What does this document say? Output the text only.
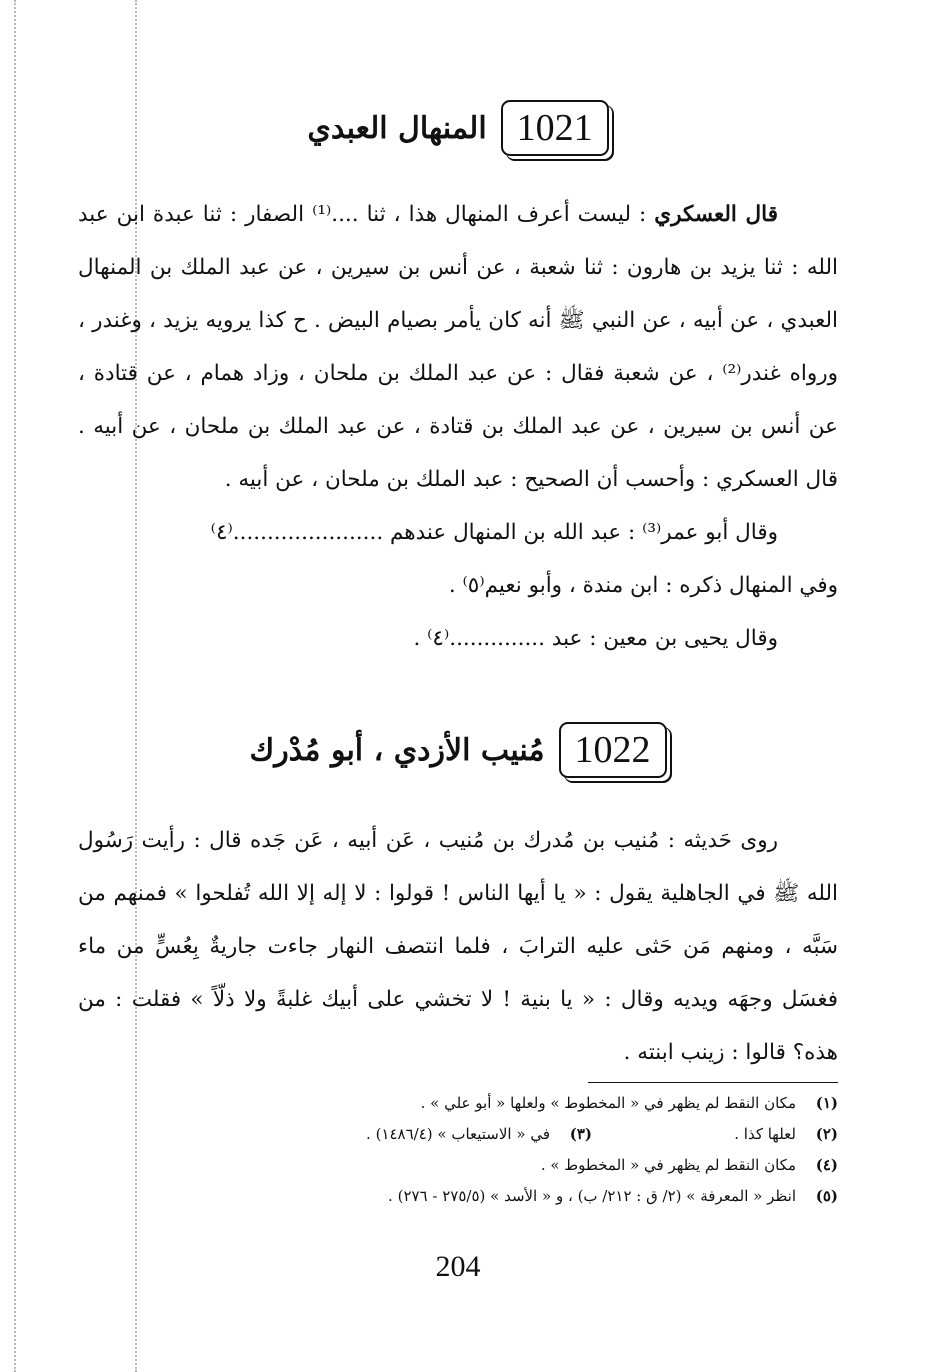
1021
المنهال العبدي

قال العسكري : ليست أعرف المنهال هذا ، ثنا ....⁽¹⁾ الصفار : ثنا عبدة ابن عبد الله : ثنا يزيد بن هارون : ثنا شعبة ، عن أنس بن سيرين ، عن عبد الملك بن المنهال العبدي ، عن أبيه ، عن النبي ﷺ أنه كان يأمر بصيام البيض . ح كذا يرويه يزيد ، وغندر ، ورواه غندر⁽²⁾ ، عن شعبة فقال : عن عبد الملك بن ملحان ، وزاد همام ، عن قتادة ، عن أنس بن سيرين ، عن عبد الملك بن قتادة ، عن عبد الملك بن ملحان ، عن أبيه . قال العسكري : وأحسب أن الصحيح : عبد الملك بن ملحان ، عن أبيه .

وقال أبو عمر⁽³⁾ : عبد الله بن المنهال عندهم ......................⁽٤⁾

وفي المنهال ذكره : ابن مندة ، وأبو نعيم⁽٥⁾ .

وقال يحيى بن معين : عبد ..............⁽٤⁾ .

1022
مُنيب الأزدي ، أبو مُدْرك

روى حَديثه : مُنيب بن مُدرك بن مُنيب ، عَن أبيه ، عَن جَده قال : رأيت رَسُول الله ﷺ في الجاهلية يقول : « يا أيها الناس ! قولوا : لا إله إلا الله تُفلحوا » فمنهم من سَبَّه ، ومنهم مَن حَثى عليه الترابَ ، فلما انتصف النهار جاءت جاريةٌ بِعُسٍّ من ماء فغسَل وجهَه ويديه وقال : « يا بنية ! لا تخشي على أبيك غلبةً ولا ذلّاً » فقلت : من هذه؟ قالوا : زينب ابنته .

(١)
مكان النقط لم يظهر في « المخطوط » ولعلها « أبو علي » .
(٢)
لعلها كذا .
(٣)
في « الاستيعاب » (١٤٨٦/٤) .
(٤)
مكان النقط لم يظهر في « المخطوط » .
(٥)
انظر « المعرفة » (٢/ ق : ٢١٢/ ب) ، و « الأسد » (٢٧٥/٥ - ٢٧٦) .
204
